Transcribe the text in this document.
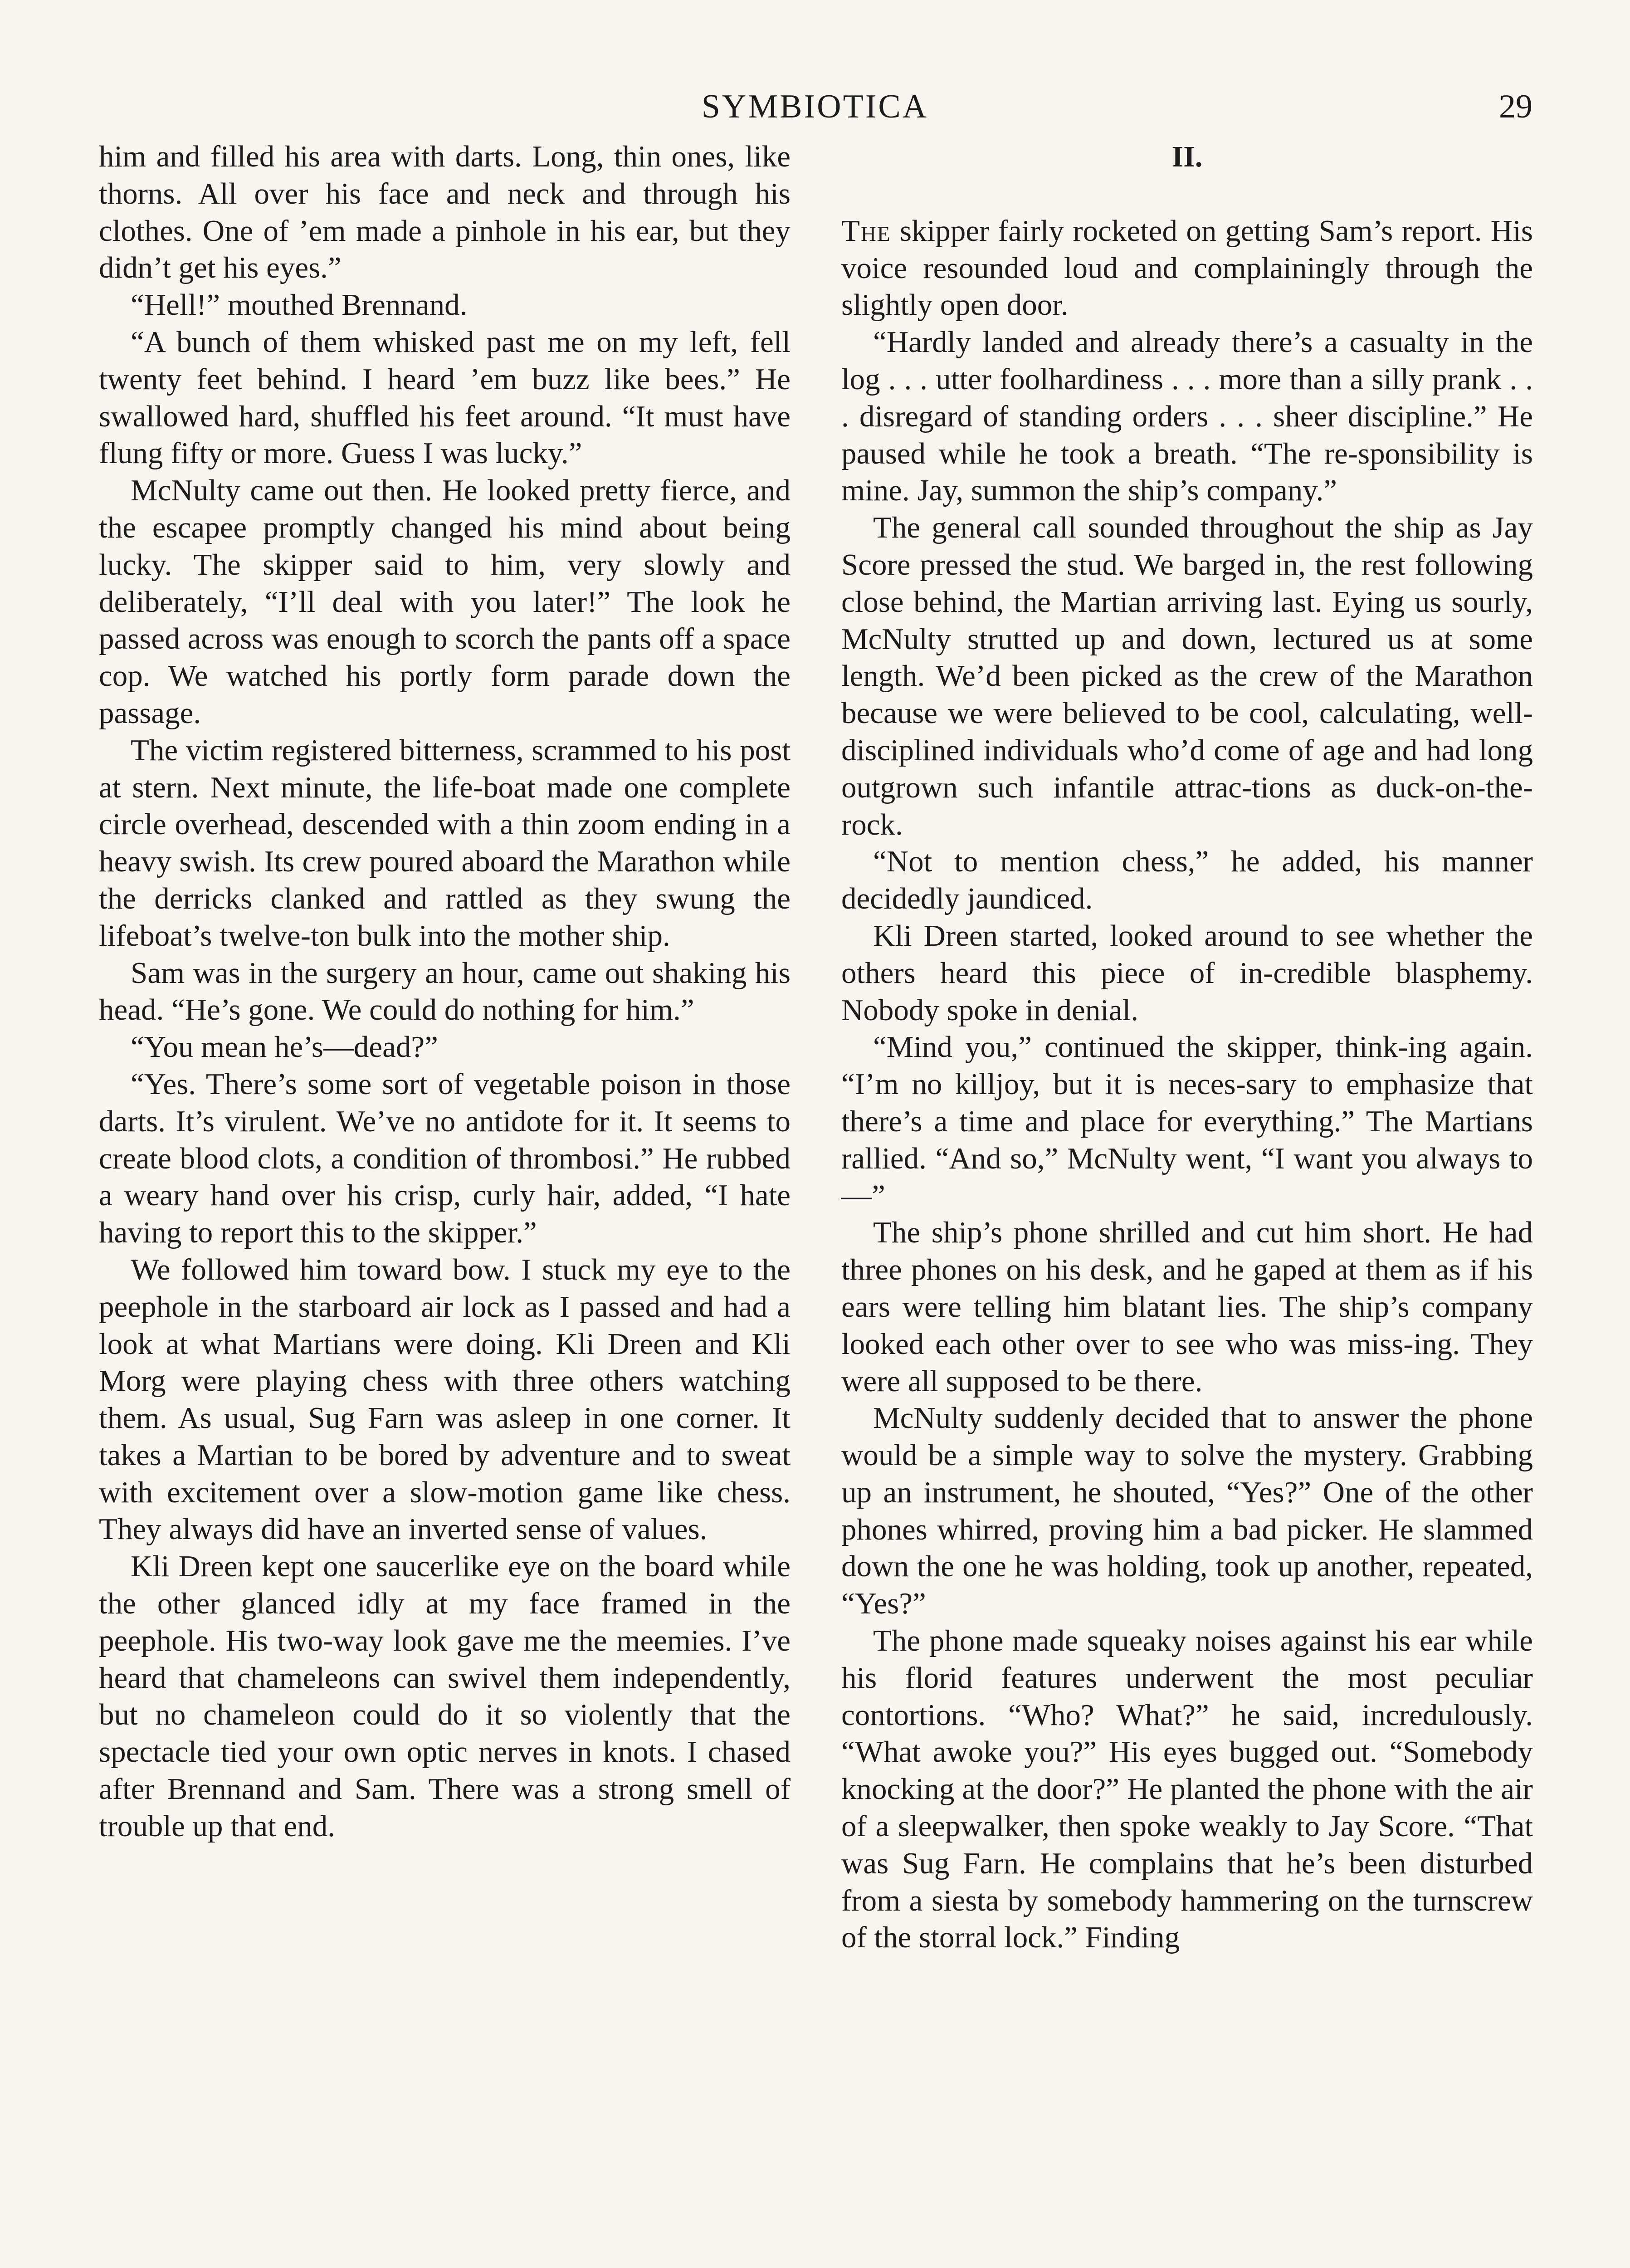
SYMBIOTICA	29

him and filled his area with darts. Long, thin ones, like thorns. All over his face and neck and through his clothes. One of ’em made a pinhole in his ear, but they didn’t get his eyes.”

“Hell!” mouthed Brennand.

“A bunch of them whisked past me on my left, fell twenty feet behind. I heard ’em buzz like bees.” He swallowed hard, shuffled his feet around. “It must have flung fifty or more. Guess I was lucky.”

McNulty came out then. He looked pretty fierce, and the escapee promptly changed his mind about being lucky. The skipper said to him, very slowly and deliberately, “I’ll deal with you later!” The look he passed across was enough to scorch the pants off a space cop. We watched his portly form parade down the passage.

The victim registered bitterness, scrammed to his post at stern. Next minute, the life-boat made one complete circle overhead, descended with a thin zoom ending in a heavy swish. Its crew poured aboard the Marathon while the derricks clanked and rattled as they swung the lifeboat’s twelve-ton bulk into the mother ship.

Sam was in the surgery an hour, came out shaking his head. “He’s gone. We could do nothing for him.”

“You mean he’s—dead?”

“Yes. There’s some sort of vegetable poison in those darts. It’s virulent. We’ve no antidote for it. It seems to create blood clots, a condition of thrombosi.” He rubbed a weary hand over his crisp, curly hair, added, “I hate having to report this to the skipper.”

We followed him toward bow. I stuck my eye to the peephole in the starboard air lock as I passed and had a look at what Martians were doing. Kli Dreen and Kli Morg were playing chess with three others watching them. As usual, Sug Farn was asleep in one corner. It takes a Martian to be bored by adventure and to sweat with excitement over a slow-motion game like chess. They always did have an inverted sense of values.

Kli Dreen kept one saucerlike eye on the board while the other glanced idly at my face framed in the peephole. His two-way look gave me the meemies. I’ve heard that chameleons can swivel them independently, but no chameleon could do it so violently that the spectacle tied your own optic nerves in knots. I chased after Brennand and Sam. There was a strong smell of trouble up that end.

II.

The skipper fairly rocketed on getting Sam’s report. His voice resounded loud and complainingly through the slightly open door.

“Hardly landed and already there’s a casualty in the log . . . utter foolhardiness . . . more than a silly prank . . . disregard of standing orders . . . sheer discipline.” He paused while he took a breath. “The re-sponsibility is mine. Jay, summon the ship’s company.”

The general call sounded throughout the ship as Jay Score pressed the stud. We barged in, the rest following close behind, the Martian arriving last. Eying us sourly, McNulty strutted up and down, lectured us at some length. We’d been picked as the crew of the Marathon because we were believed to be cool, calculating, well-disciplined individuals who’d come of age and had long outgrown such infantile attrac-tions as duck-on-the-rock.

“Not to mention chess,” he added, his manner decidedly jaundiced.

Kli Dreen started, looked around to see whether the others heard this piece of in-credible blasphemy. Nobody spoke in denial.

“Mind you,” continued the skipper, think-ing again. “I’m no killjoy, but it is neces-sary to emphasize that there’s a time and place for everything.” The Martians rallied. “And so,” McNulty went, “I want you always to—”

The ship’s phone shrilled and cut him short. He had three phones on his desk, and he gaped at them as if his ears were telling him blatant lies. The ship’s company looked each other over to see who was miss-ing. They were all supposed to be there.

McNulty suddenly decided that to answer the phone would be a simple way to solve the mystery. Grabbing up an instrument, he shouted, “Yes?” One of the other phones whirred, proving him a bad picker. He slammed down the one he was holding, took up another, repeated, “Yes?”

The phone made squeaky noises against his ear while his florid features underwent the most peculiar contortions. “Who? What?” he said, incredulously. “What awoke you?” His eyes bugged out. “Somebody knocking at the door?” He planted the phone with the air of a sleepwalker, then spoke weakly to Jay Score. “That was Sug Farn. He complains that he’s been disturbed from a siesta by somebody hammering on the turnscrew of the storral lock.” Finding
